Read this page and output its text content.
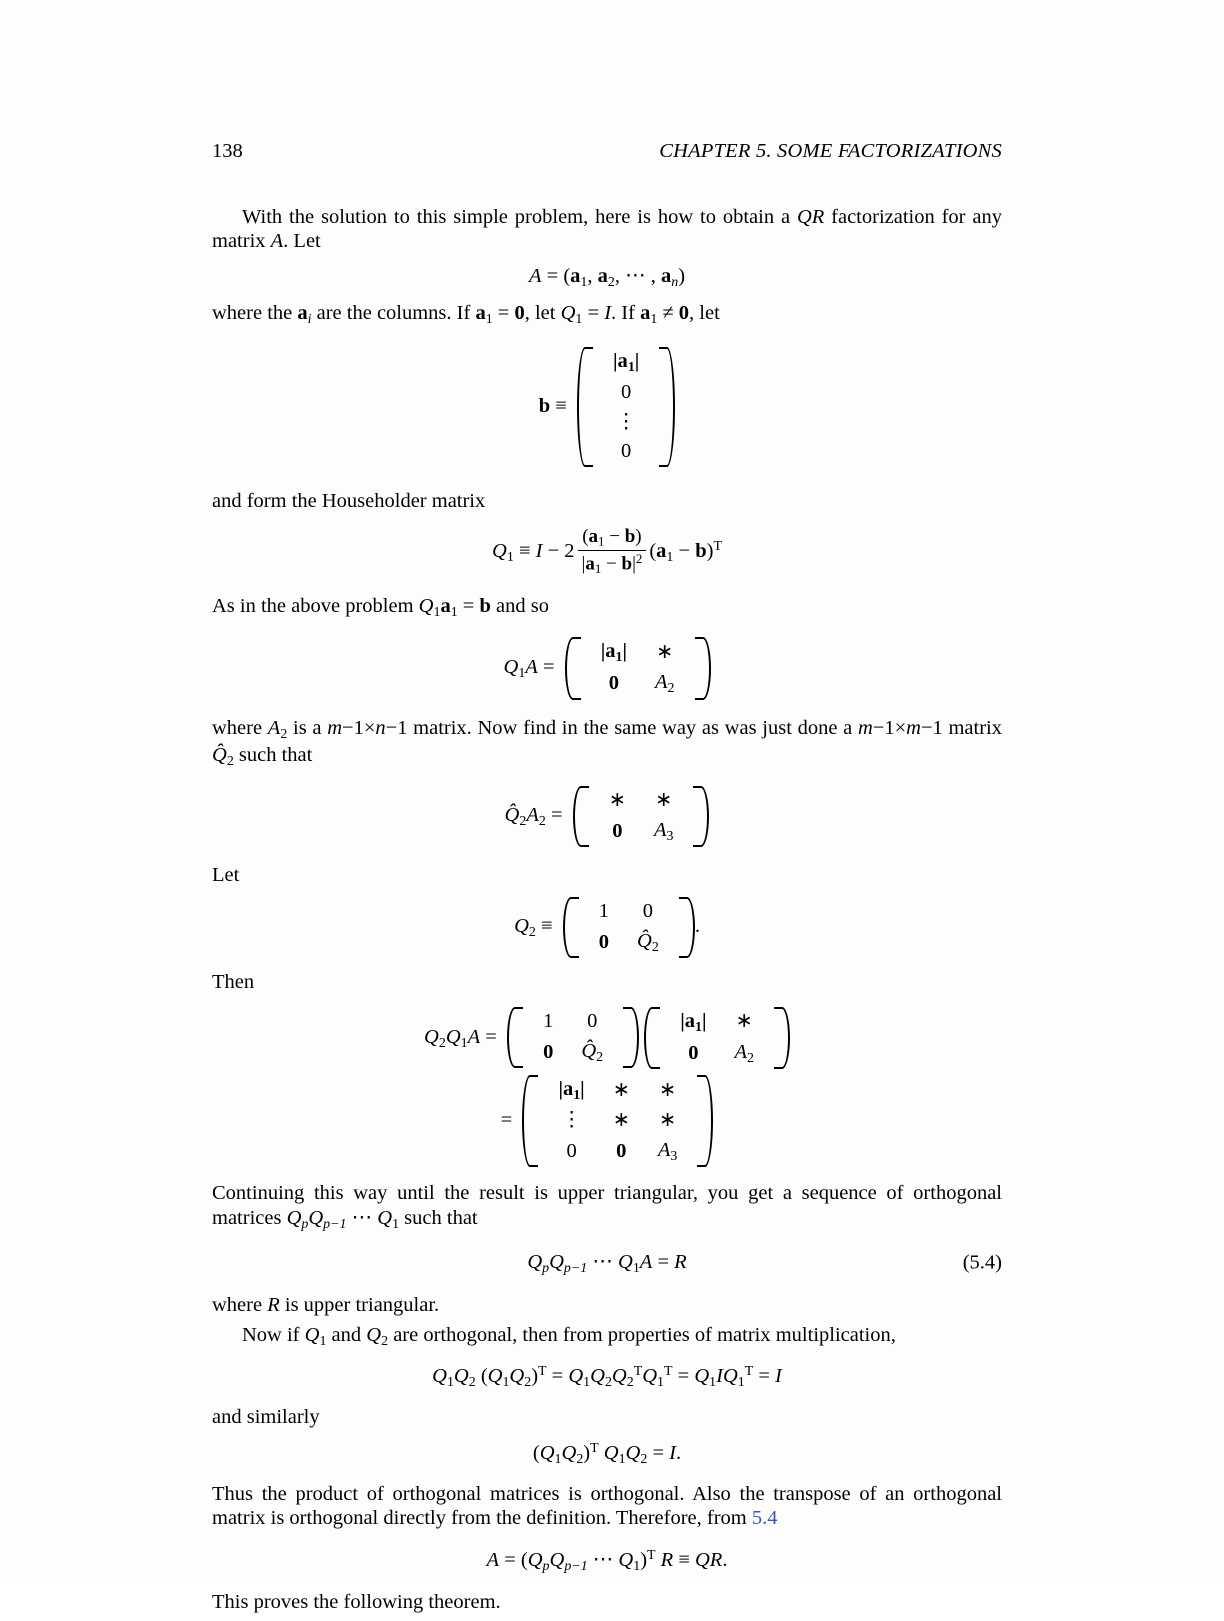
138	CHAPTER 5. SOME FACTORIZATIONS

With the solution to this simple problem, here is how to obtain a QR factorization for any matrix A. Let

$A = (a_1$, $a_2$, ⋯ , $a_n$)

where the $a_i$ are the columns. If $a_1 = 0$, let $Q_1 = I$. If $a_1 \ne 0$, let

b ≡
$|a_1|$
0
⋮
0

and form the Householder matrix

$Q_1 \equiv I - 2 \frac{(a_1 - b)}{|a_1 - b|^2} (a_1 - b)^T$

As in the above problem $Q_1a_1 = b$ and so

$Q_1A$ =
$|a_1|$	∗
0	$A_2$

where $A_2$ is a m−1×n−1 matrix. Now find in the same way as was just done a m−1×m−1 matrix $Q̂_2$ such that

$Q̂_2A_2$ =
∗	∗
0	$A_3$

Let

$Q_2$ ≡
1	0
0	$Q̂_2$
.

Then

$Q_2Q_1A$ =
1	0
0	$Q̂_2$

$|a_1|$	∗
0	$A_2$
=
$|a_1|$	∗	∗
⋮	∗	∗
0	0	$A_3$

Continuing this way until the result is upper triangular, you get a sequence of orthogonal matrices $Q_pQ_{p-1}$ ⋯ $Q_1$ such that

$Q_pQ_{p-1}$ ⋯ $Q_1A = R$	(5.4)

where R is upper triangular.

Now if $Q_1$ and $Q_2$ are orthogonal, then from properties of matrix multiplication,

$Q_1Q_2$ $(Q_1Q_2)^T = Q_1Q_2Q_2^TQ_1^T = Q_1IQ_1^T = I$

and similarly

$(Q_1Q_2)^T$ $Q_1Q_2 = I$.

Thus the product of orthogonal matrices is orthogonal. Also the transpose of an orthogonal matrix is orthogonal directly from the definition. Therefore, from 5.4

$A = (Q_pQ_{p-1}$ ⋯ $Q_1)^T$ R ≡ QR.

This proves the following theorem.
